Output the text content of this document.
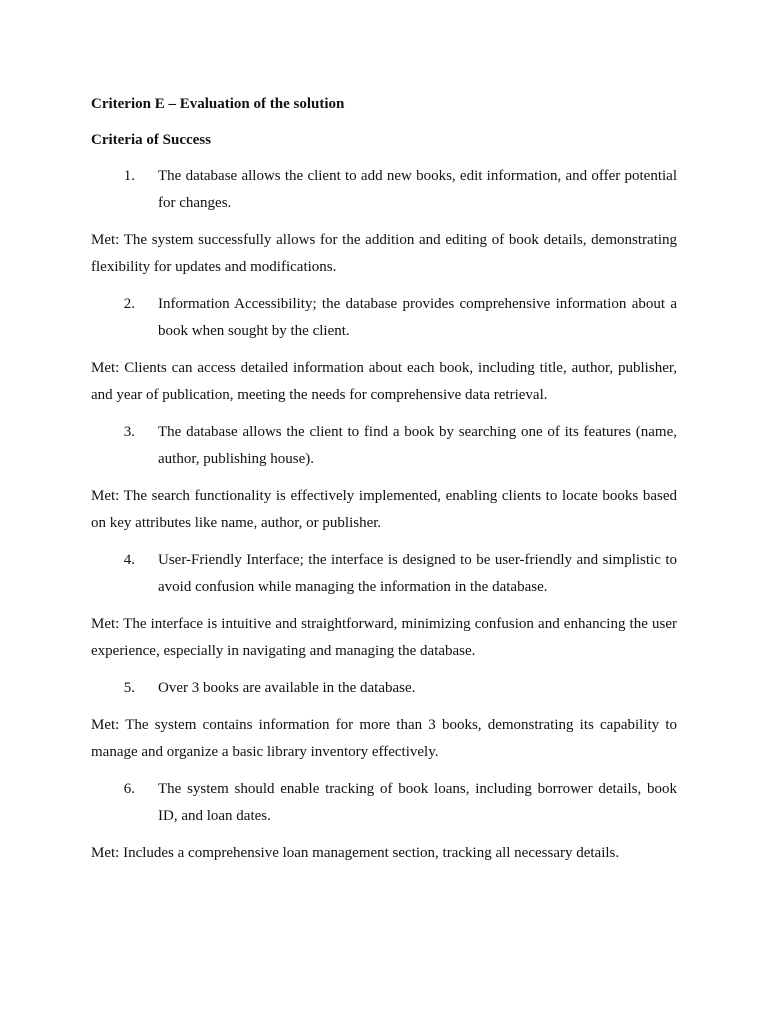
Criterion E – Evaluation of the solution
Criteria of Success
1.	The database allows the client to add new books, edit information, and offer potential for changes.
Met: The system successfully allows for the addition and editing of book details, demonstrating flexibility for updates and modifications.
2.	Information Accessibility; the database provides comprehensive information about a book when sought by the client.
Met: Clients can access detailed information about each book, including title, author, publisher, and year of publication, meeting the needs for comprehensive data retrieval.
3.	The database allows the client to find a book by searching one of its features (name, author, publishing house).
Met: The search functionality is effectively implemented, enabling clients to locate books based on key attributes like name, author, or publisher.
4.	User-Friendly Interface; the interface is designed to be user-friendly and simplistic to avoid confusion while managing the information in the database.
Met: The interface is intuitive and straightforward, minimizing confusion and enhancing the user experience, especially in navigating and managing the database.
5.	Over 3 books are available in the database.
Met: The system contains information for more than 3 books, demonstrating its capability to manage and organize a basic library inventory effectively.
6.	The system should enable tracking of book loans, including borrower details, book ID, and loan dates.
Met: Includes a comprehensive loan management section, tracking all necessary details.
